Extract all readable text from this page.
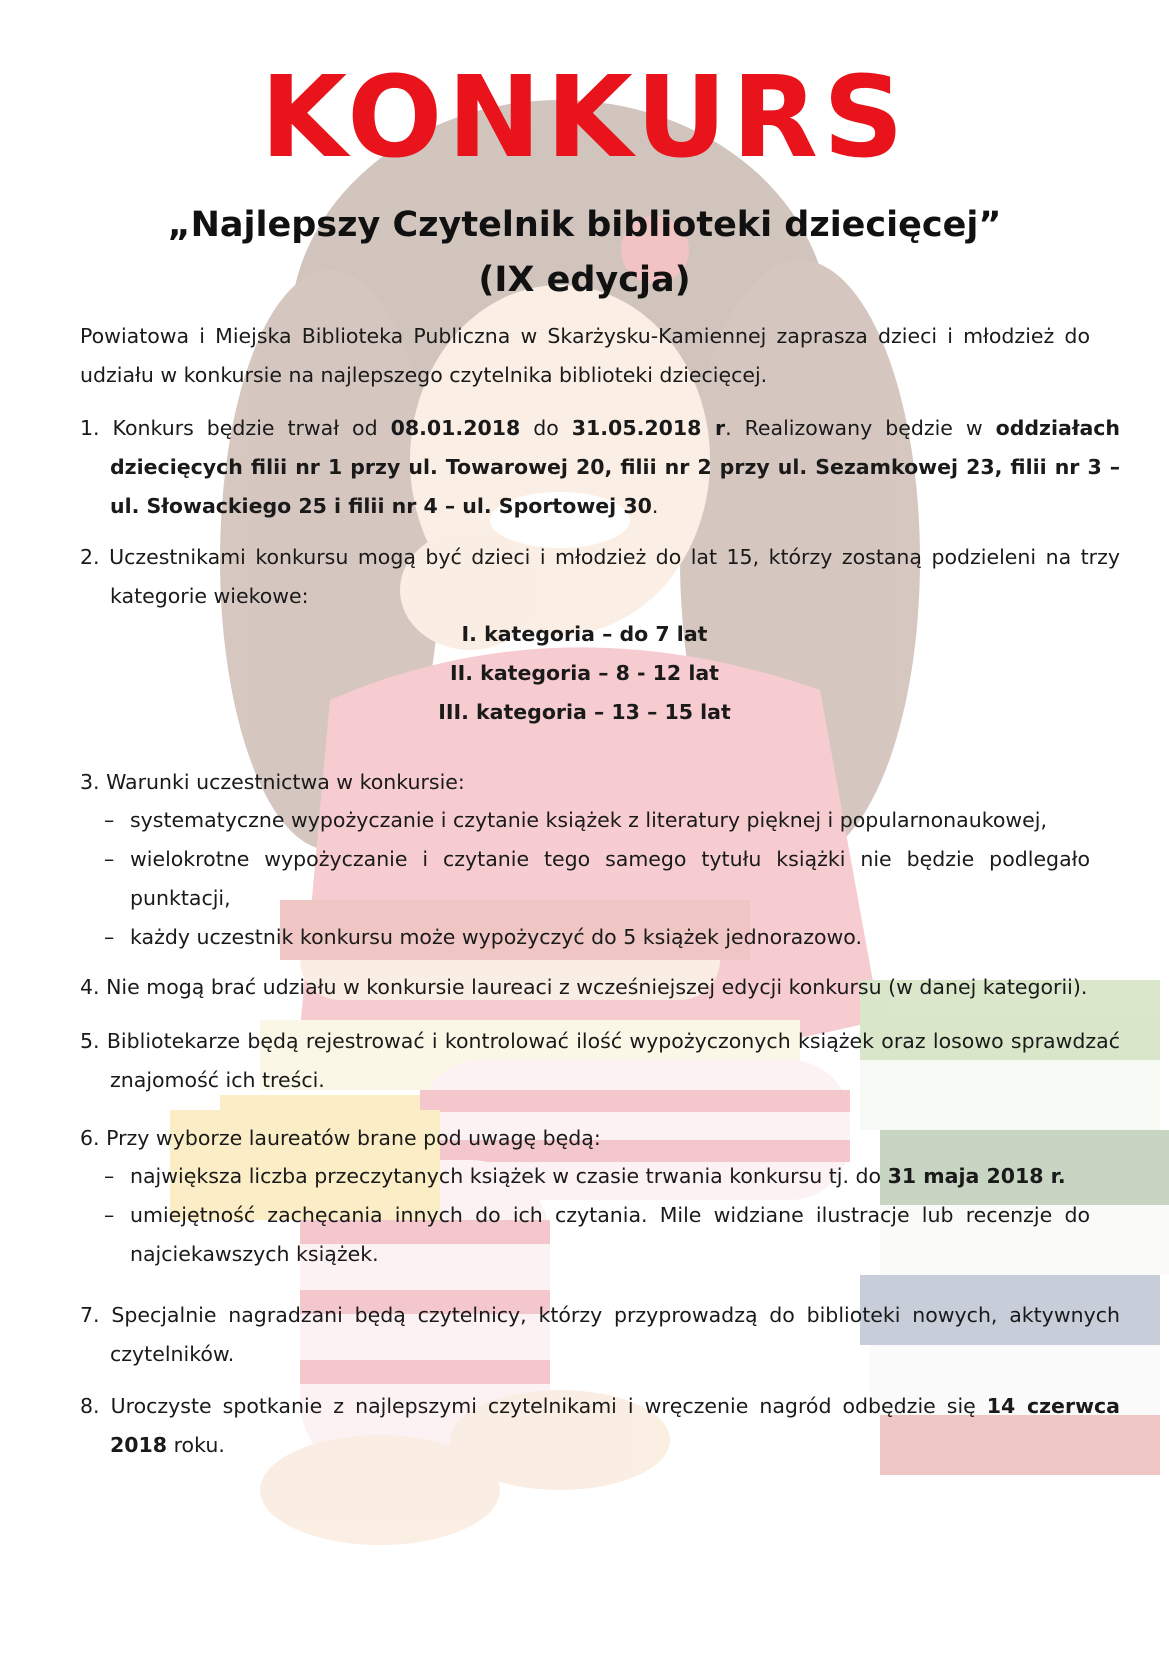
KONKURS
„Najlepszy Czytelnik biblioteki dziecięcej”
(IX edycja)
Powiatowa i Miejska Biblioteka Publiczna w Skarżysku-Kamiennej zaprasza dzieci i młodzież do udziału w konkursie na najlepszego czytelnika biblioteki dziecięcej.
1. Konkurs będzie trwał od 08.01.2018 do 31.05.2018 r. Realizowany będzie w oddziałach dziecięcych filii nr 1 przy ul. Towarowej 20, filii nr 2 przy ul. Sezamkowej 23, filii nr 3 – ul. Słowackiego 25 i filii nr 4 – ul. Sportowej 30.
2. Uczestnikami konkursu mogą być dzieci i młodzież do lat 15, którzy zostaną podzieleni na trzy kategorie wiekowe:
I. kategoria – do 7 lat
II. kategoria – 8 - 12 lat
III. kategoria – 13 – 15 lat
3. Warunki uczestnictwa w konkursie:
– systematyczne wypożyczanie i czytanie książek z literatury pięknej i popularnonaukowej,
– wielokrotne wypożyczanie i czytanie tego samego tytułu książki nie będzie podlegało punktacji,
– każdy uczestnik konkursu może wypożyczyć do 5 książek jednorazowo.
4. Nie mogą brać udziału w konkursie laureaci z wcześniejszej edycji konkursu (w danej kategorii).
5. Bibliotekarze będą rejestrować i kontrolować ilość wypożyczonych książek oraz losowo sprawdzać znajomość ich treści.
6. Przy wyborze laureatów brane pod uwagę będą:
– największa liczba przeczytanych książek w czasie trwania konkursu tj. do 31 maja 2018 r.
– umiejętność zachęcania innych do ich czytania. Mile widziane ilustracje lub recenzje do najciekawszych książek.
7. Specjalnie nagradzani będą czytelnicy, którzy przyprowadzą do biblioteki nowych, aktywnych czytelników.
8. Uroczyste spotkanie z najlepszymi czytelnikami i wręczenie nagród odbędzie się 14 czerwca 2018 roku.
